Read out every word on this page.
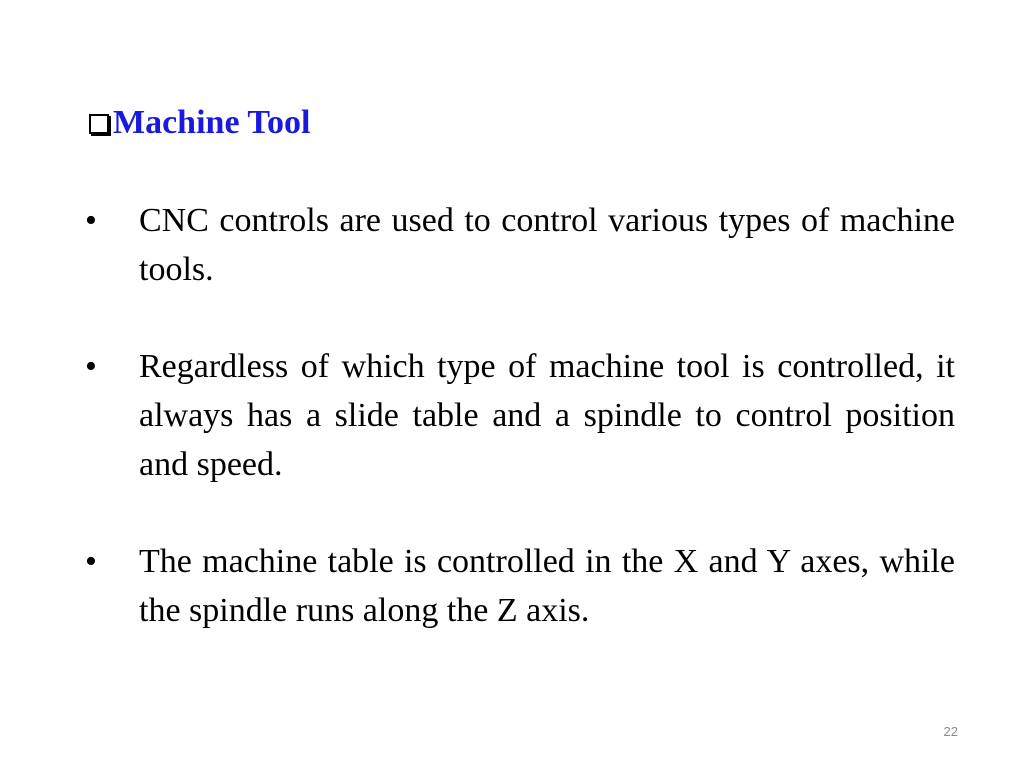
Machine Tool
•	CNC controls are used to control various types of machine tools.
•	Regardless of which type of machine tool is controlled, it always has a slide table and a spindle to control position and speed.
•	The machine table is controlled in the X and Y axes, while the spindle runs along the Z axis.
22
